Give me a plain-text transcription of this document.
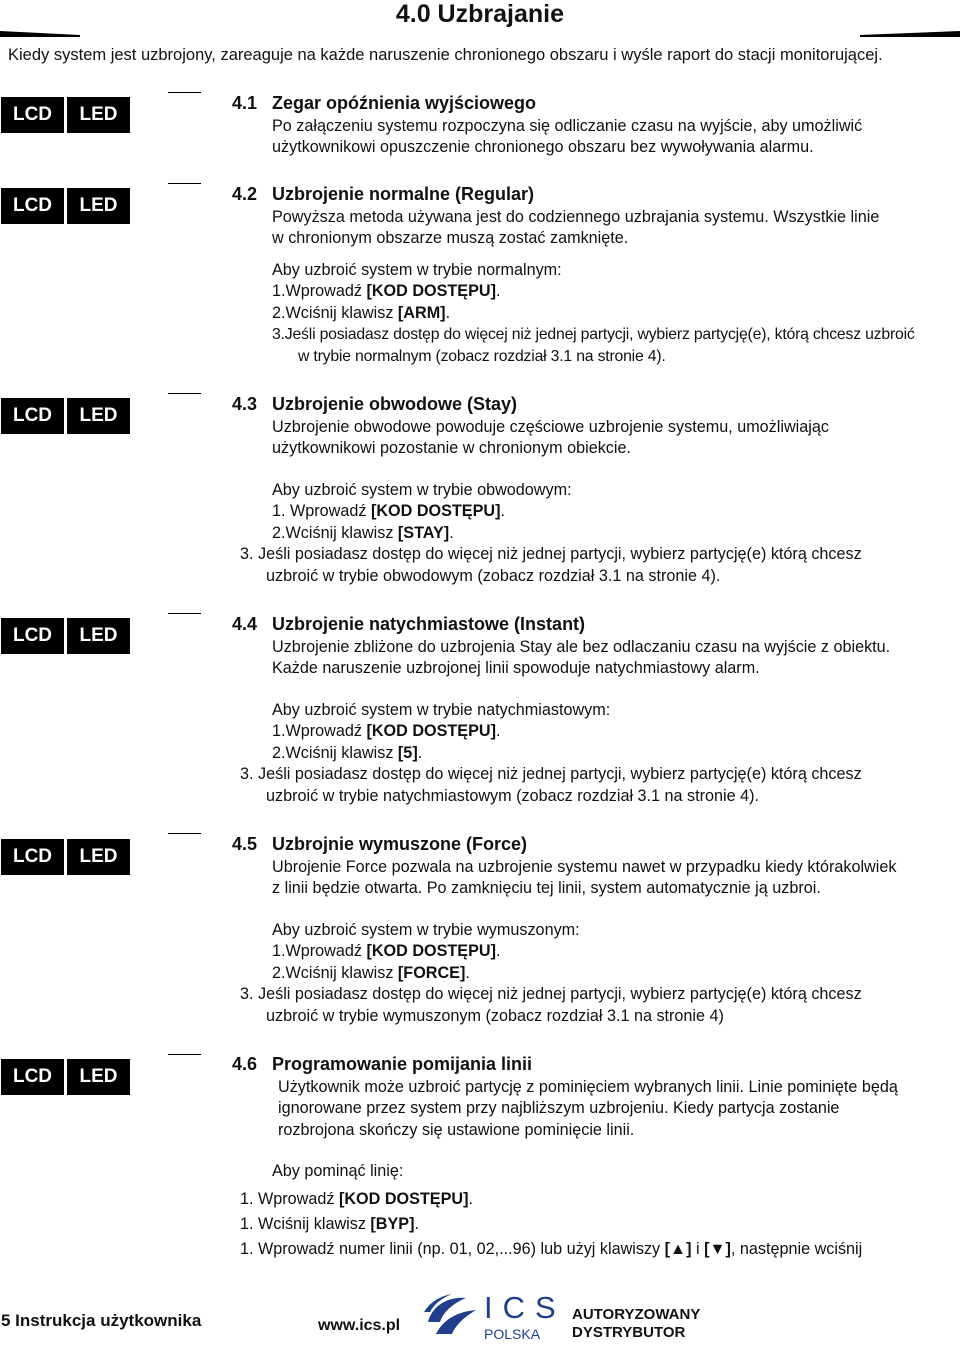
4.0 Uzbrajanie
Kiedy system jest uzbrojony, zareaguje na każde naruszenie chronionego obszaru i wyśle raport do stacji monitorującej.
LCD	LED
4.1 Zegar opóźnienia wyjściowego

Po załączeniu systemu rozpoczyna się odliczanie czasu na wyjście, aby umożliwić

użytkownikowi opuszczenie chronionego obszaru bez wywoływania alarmu.

LCD	LED
4.2 Uzbrojenie normalne (Regular)

Powyższa metoda używana jest do codziennego uzbrajania systemu. Wszystkie linie

w chronionym obszarze muszą zostać zamknięte.

Aby uzbroić system w trybie normalnym:

1.Wprowadź [KOD DOSTĘPU].

2.Wciśnij klawisz [ARM].

3.Jeśli posiadasz dostęp do więcej niż jednej partycji, wybierz partycję(e), którą chcesz uzbroić
w trybie normalnym (zobacz rozdział 3.1 na stronie 4).

LCD	LED
4.3 Uzbrojenie obwodowe (Stay)

Uzbrojenie obwodowe powoduje częściowe uzbrojenie systemu, umożliwiając

użytkownikowi pozostanie w chronionym obiekcie.

Aby uzbroić system w trybie obwodowym:

1. Wprowadź [KOD DOSTĘPU].

2.Wciśnij klawisz [STAY].

3. Jeśli posiadasz dostęp do więcej niż jednej partycji, wybierz partycję(e) którą chcesz
uzbroić w trybie obwodowym (zobacz rozdział 3.1 na stronie 4).

LCD	LED
4.4 Uzbrojenie natychmiastowe (Instant)

Uzbrojenie zbliżone do uzbrojenia Stay ale bez odlaczaniu czasu na wyjście z obiektu.

Każde naruszenie uzbrojonej linii spowoduje natychmiastowy alarm.

Aby uzbroić system w trybie natychmiastowym:

1.Wprowadź [KOD DOSTĘPU].

2.Wciśnij klawisz [5].

3. Jeśli posiadasz dostęp do więcej niż jednej partycji, wybierz partycję(e) którą chcesz
uzbroić w trybie natychmiastowym (zobacz rozdział 3.1 na stronie 4).

LCD	LED
4.5 Uzbrojnie wymuszone (Force)

Ubrojenie Force pozwala na uzbrojenie systemu nawet w przypadku kiedy którakolwiek

z linii będzie otwarta. Po zamknięciu tej linii, system automatycznie ją uzbroi.

Aby uzbroić system w trybie wymuszonym:

1.Wprowadź [KOD DOSTĘPU].

2.Wciśnij klawisz [FORCE].

3. Jeśli posiadasz dostęp do więcej niż jednej partycji, wybierz partycję(e) którą chcesz
uzbroić w trybie wymuszonym (zobacz rozdział 3.1 na stronie 4)

LCD	LED
4.6 Programowanie pomijania linii

Użytkownik może uzbroić partycję z pominięciem wybranych linii. Linie pominięte będą

ignorowane przez system przy najbliższym uzbrojeniu. Kiedy partycja zostanie

rozbrojona skończy się ustawione pominięcie linii.

Aby pominąć linię:

1. Wprowadź [KOD DOSTĘPU].

1. Wciśnij klawisz [BYP].

1. Wprowadź numer linii (np. 01, 02,...96) lub użyj klawiszy [▲] i [▼], następnie wciśnij

5 Instrukcja użytkownika	www.ics.pl
ICS
POLSKA
AUTORYZOWANY
DYSTRYBUTOR
